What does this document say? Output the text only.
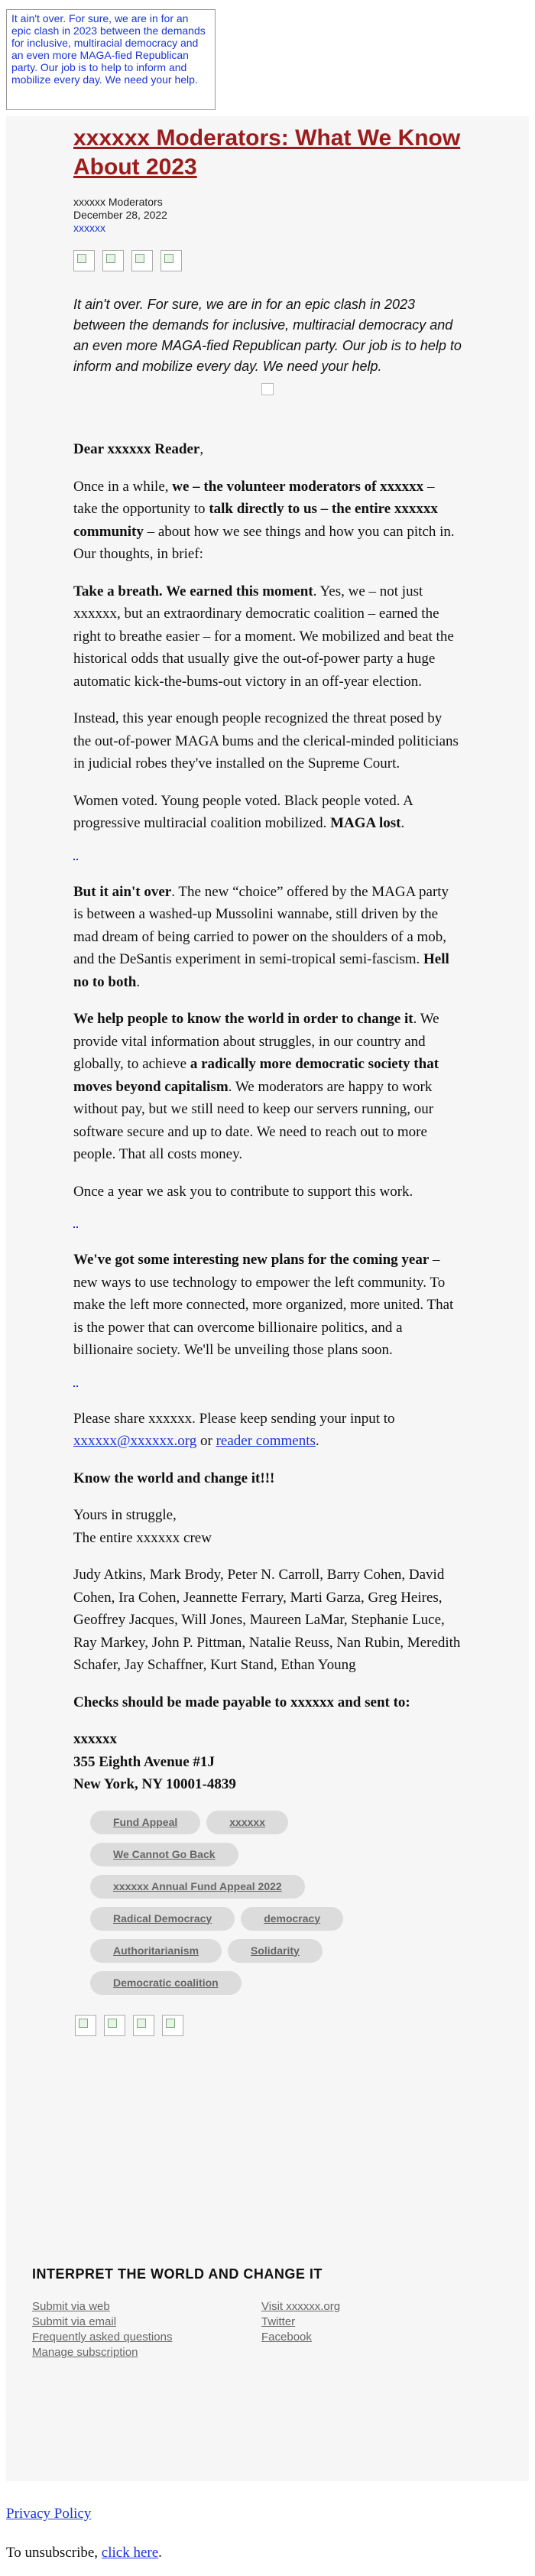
It ain't over. For sure, we are in for an epic clash in 2023 between the demands for inclusive, multiracial democracy and an even more MAGA-fied Republican party. Our job is to help to inform and mobilize every day. We need your help.
xxxxxx Moderators: What We Know About 2023
xxxxxx Moderators
December 28, 2022
xxxxxx
It ain't over. For sure, we are in for an epic clash in 2023 between the demands for inclusive, multiracial democracy and an even more MAGA-fied Republican party. Our job is to help to inform and mobilize every day. We need your help.

Dear xxxxxx Reader,

Once in a while, we – the volunteer moderators of xxxxxx – take the opportunity to talk directly to us – the entire xxxxxx community – about how we see things and how you can pitch in. Our thoughts, in brief:

Take a breath. We earned this moment. Yes, we – not just xxxxxx, but an extraordinary democratic coalition – earned the right to breathe easier – for a moment. We mobilized and beat the historical odds that usually give the out-of-power party a huge automatic kick-the-bums-out victory in an off-year election.

Instead, this year enough people recognized the threat posed by the out-of-power MAGA bums and the clerical-minded politicians in judicial robes they've installed on the Supreme Court.

Women voted. Young people voted. Black people voted. A progressive multiracial coalition mobilized. MAGA lost.

But it ain't over. The new “choice” offered by the MAGA party is between a washed-up Mussolini wannabe, still driven by the mad dream of being carried to power on the shoulders of a mob, and the DeSantis experiment in semi-tropical semi-fascism. Hell no to both.

We help people to know the world in order to change it. We provide vital information about struggles, in our country and globally, to achieve a radically more democratic society that moves beyond capitalism. We moderators are happy to work without pay, but we still need to keep our servers running, our software secure and up to date. We need to reach out to more people. That all costs money.

Once a year we ask you to contribute to support this work.

We've got some interesting new plans for the coming year – new ways to use technology to empower the left community. To make the left more connected, more organized, more united. That is the power that can overcome billionaire politics, and a billionaire society. We'll be unveiling those plans soon.

Please share xxxxxx. Please keep sending your input to xxxxxx@xxxxxx.org or reader comments.

Know the world and change it!!!

Yours in struggle,
The entire xxxxxx crew

Judy Atkins, Mark Brody, Peter N. Carroll, Barry Cohen, David Cohen, Ira Cohen, Jeannette Ferrary, Marti Garza, Greg Heires, Geoffrey Jacques, Will Jones, Maureen LaMar, Stephanie Luce, Ray Markey, John P. Pittman, Natalie Reuss, Nan Rubin, Meredith Schafer, Jay Schaffner, Kurt Stand, Ethan Young

Checks should be made payable to xxxxxx and sent to:

xxxxxx
355 Eighth Avenue #1J
New York, NY 10001-4839

Fund Appeal	xxxxxx
We Cannot Go Back
xxxxxx Annual Fund Appeal 2022
Radical Democracy	democracy
Authoritarianism	Solidarity
Democratic coalition
INTERPRET THE WORLD AND CHANGE IT
Submit via web
Submit via email
Frequently asked questions
Manage subscription
Visit xxxxxx.org
Twitter
Facebook
Privacy Policy
To unsubscribe, click here.
